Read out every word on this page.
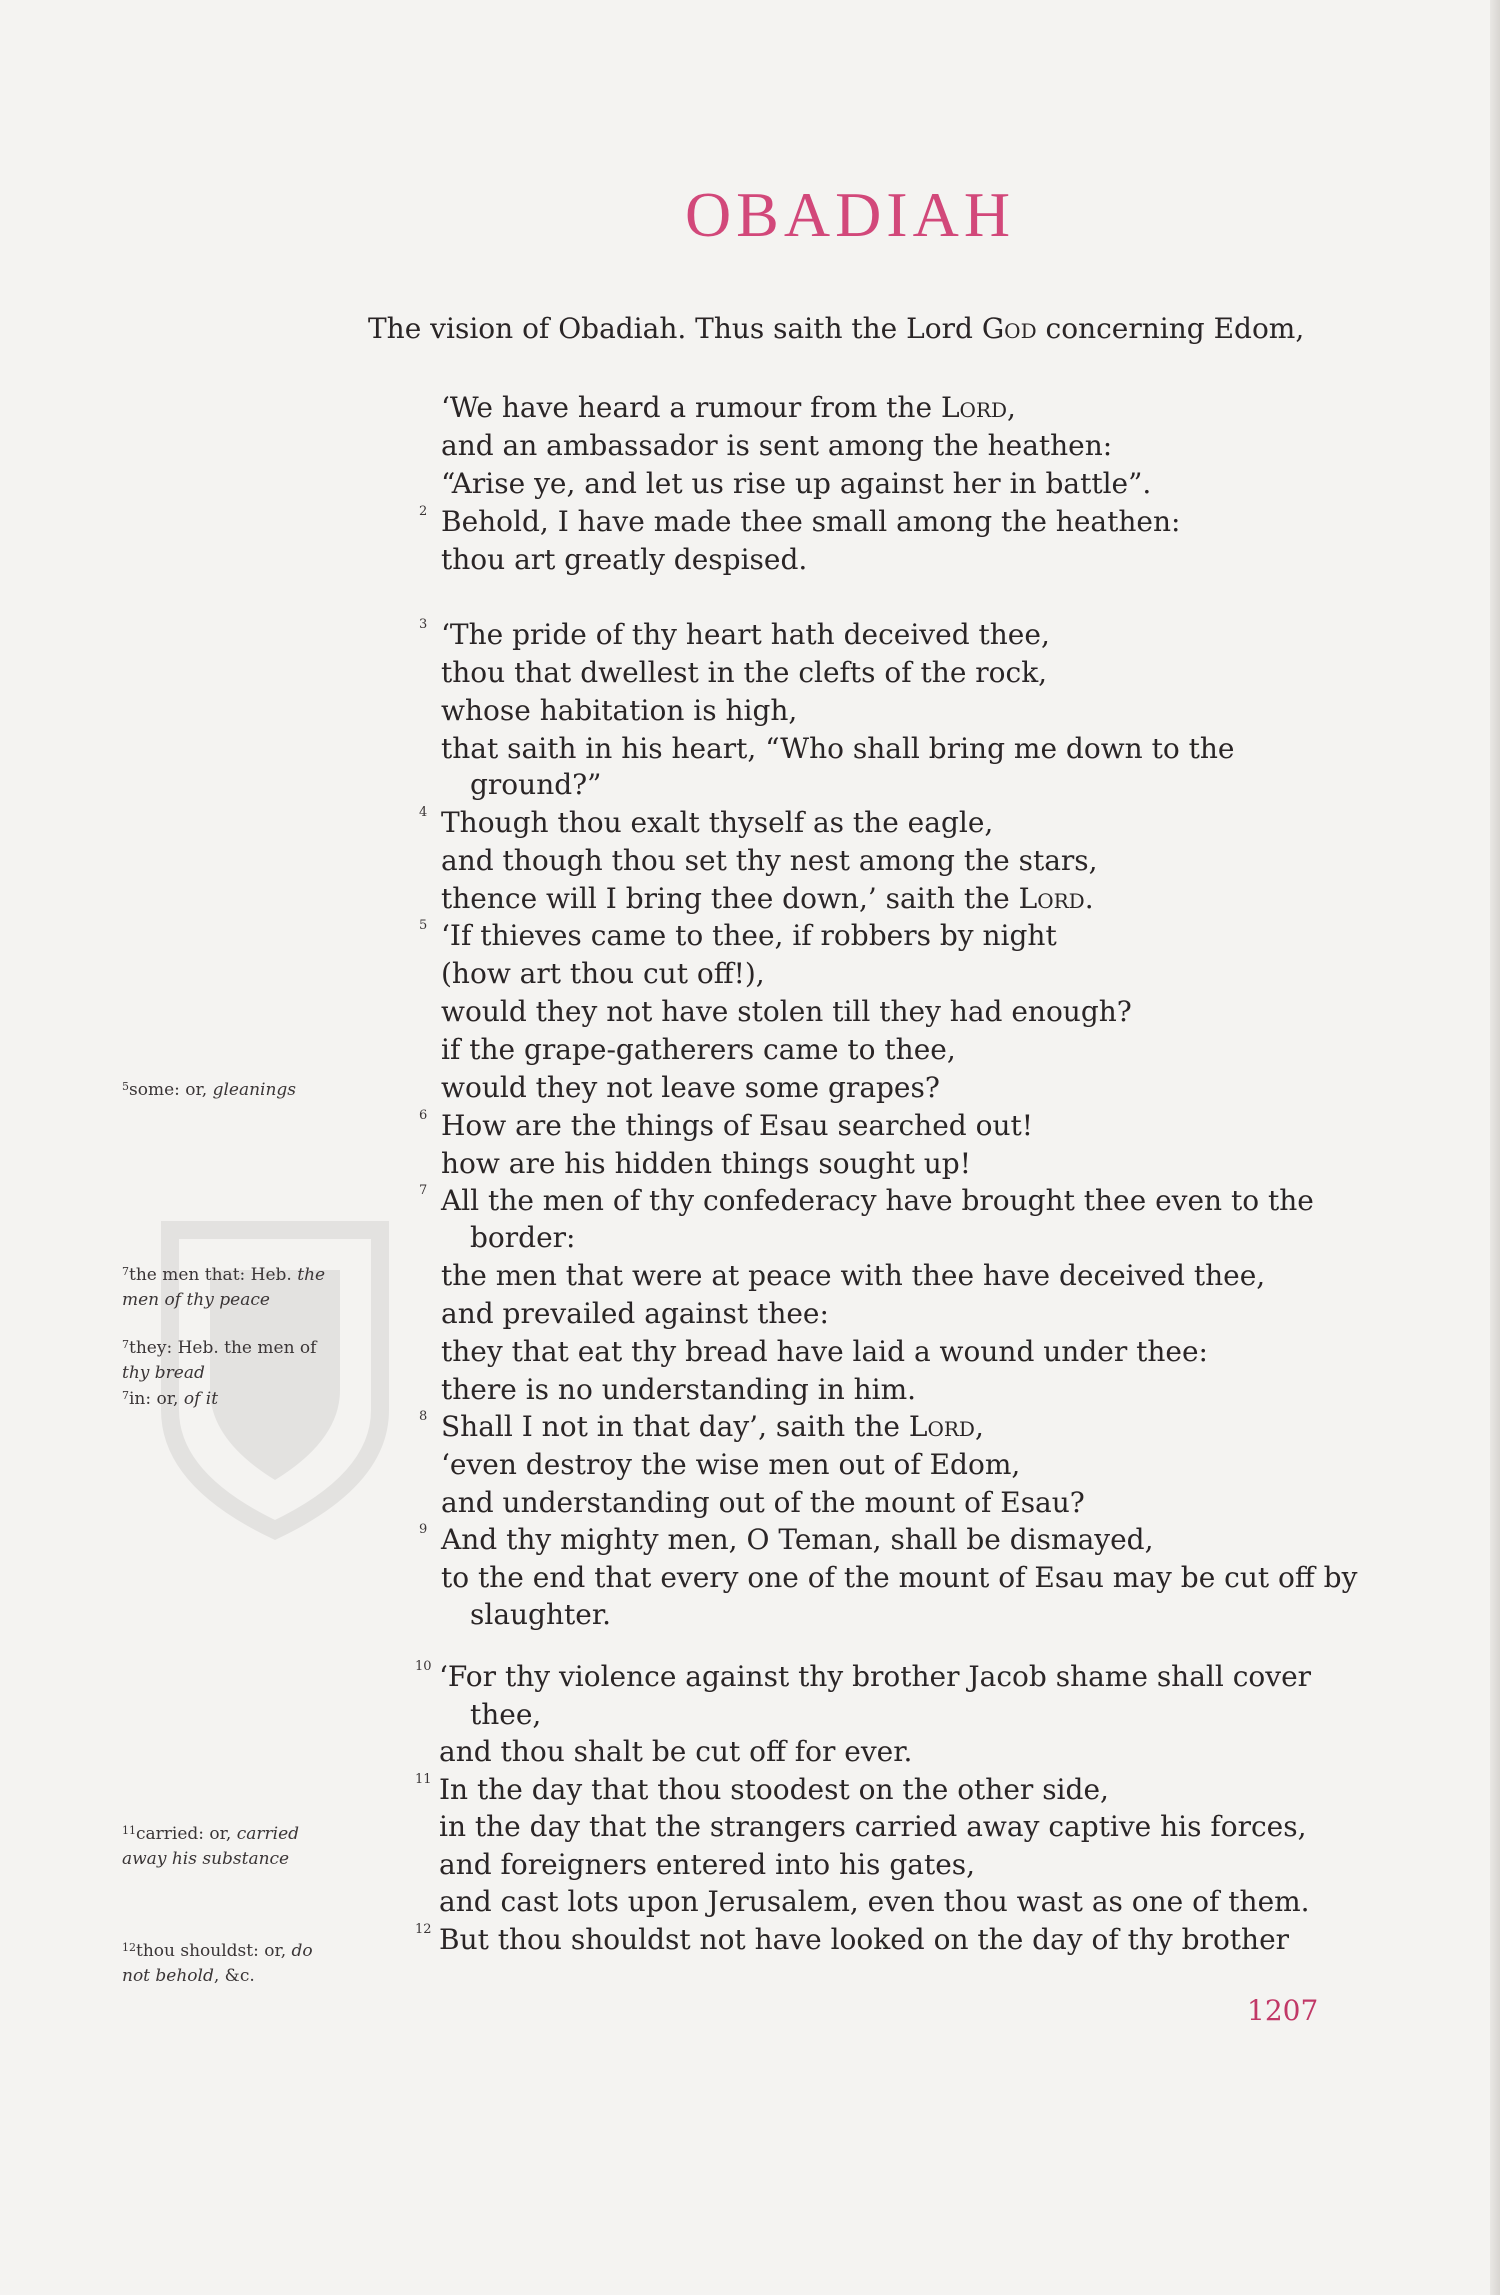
OBADIAH

The vision of Obadiah. Thus saith the Lord God concerning Edom,

‘We have heard a rumour from the Lord,

and an ambassador is sent among the heathen:

“Arise ye, and let us rise up against her in battle”.

2 Behold, I have made thee small among the heathen:

thou art greatly despised.

3 ‘The pride of thy heart hath deceived thee,

thou that dwellest in the clefts of the rock,

whose habitation is high,

that saith in his heart, “Who shall bring me down to the

ground?”

4 Though thou exalt thyself as the eagle,

and though thou set thy nest among the stars,

thence will I bring thee down,’ saith the Lord.

5 ‘If thieves came to thee, if robbers by night

(how art thou cut off!),

would they not have stolen till they had enough?

if the grape-gatherers came to thee,

would they not leave some grapes?

6 How are the things of Esau searched out!

how are his hidden things sought up!

7 All the men of thy confederacy have brought thee even to the

border:

the men that were at peace with thee have deceived thee,

and prevailed against thee:

they that eat thy bread have laid a wound under thee:

there is no understanding in him.

8 Shall I not in that day’, saith the Lord,

‘even destroy the wise men out of Edom,

and understanding out of the mount of Esau?

9 And thy mighty men, O Teman, shall be dismayed,

to the end that every one of the mount of Esau may be cut off by

slaughter.

10 ‘For thy violence against thy brother Jacob shame shall cover

thee,

and thou shalt be cut off for ever.

11 In the day that thou stoodest on the other side,

in the day that the strangers carried away captive his forces,

and foreigners entered into his gates,

and cast lots upon Jerusalem, even thou wast as one of them.

12 But thou shouldst not have looked on the day of thy brother

$^5$some: or, gleanings

$^7$the men that: Heb. the men of thy peace

$^7$they: Heb. the men of thy bread

$^7$in: or, of it

$^{11}$carried: or, carried away his substance

$^{12}$thou shouldst: or, do not behold, &c.

1207
